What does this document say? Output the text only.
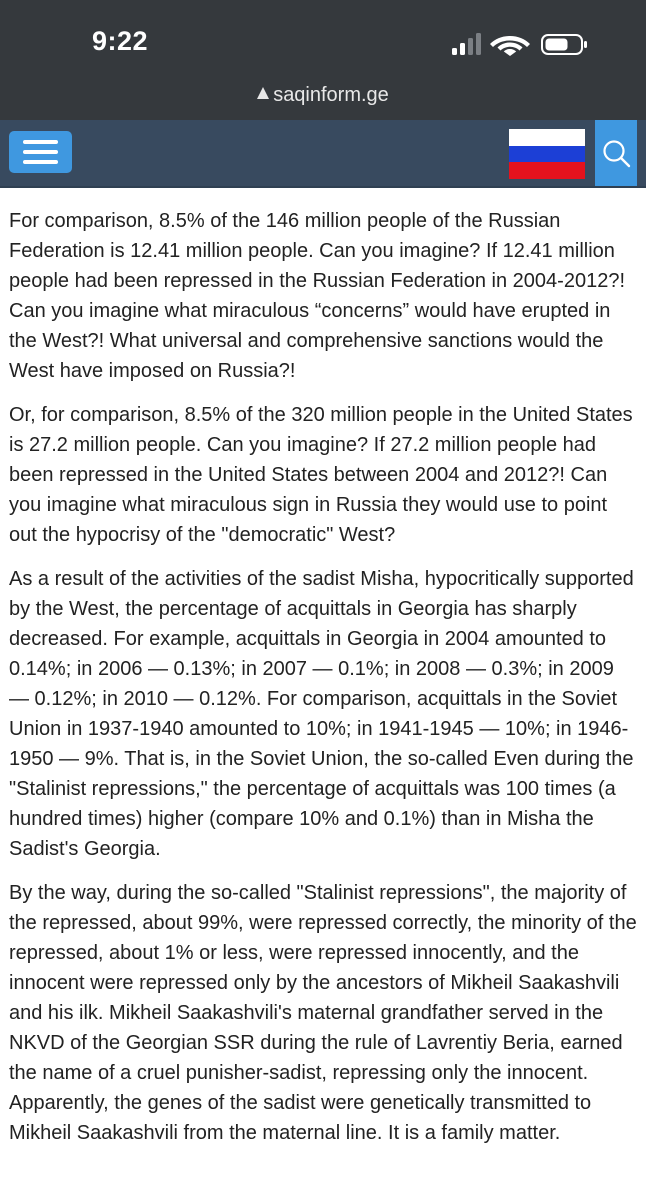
9:22
saqinform.ge

For comparison, 8.5% of the 146 million people of the Russian Federation is 12.41 million people. Can you imagine? If 12.41 million people had been repressed in the Russian Federation in 2004-2012?! Can you imagine what miraculous “concerns” would have erupted in the West?! What universal and comprehensive sanctions would the West have imposed on Russia?!

Or, for comparison, 8.5% of the 320 million people in the United States is 27.2 million people. Can you imagine? If 27.2 million people had been repressed in the United States between 2004 and 2012?! Can you imagine what miraculous sign in Russia they would use to point out the hypocrisy of the "democratic" West?

As a result of the activities of the sadist Misha, hypocritically supported by the West, the percentage of acquittals in Georgia has sharply decreased. For example, acquittals in Georgia in 2004 amounted to 0.14%; in 2006 — 0.13%; in 2007 — 0.1%; in 2008 — 0.3%; in 2009 — 0.12%; in 2010 — 0.12%. For comparison, acquittals in the Soviet Union in 1937-1940 amounted to 10%; in 1941-1945 — 10%; in 1946-1950 — 9%. That is, in the Soviet Union, the so-called Even during the "Stalinist repressions," the percentage of acquittals was 100 times (a hundred times) higher (compare 10% and 0.1%) than in Misha the Sadist's Georgia.

By the way, during the so-called "Stalinist repressions", the majority of the repressed, about 99%, were repressed correctly, the minority of the repressed, about 1% or less, were repressed innocently, and the innocent were repressed only by the ancestors of Mikheil Saakashvili and his ilk. Mikheil Saakashvili's maternal grandfather served in the NKVD of the Georgian SSR during the rule of Lavrentiy Beria, earned the name of a cruel punisher-sadist, repressing only the innocent. Apparently, the genes of the sadist were genetically transmitted to Mikheil Saakashvili from the maternal line. It is a family matter.
